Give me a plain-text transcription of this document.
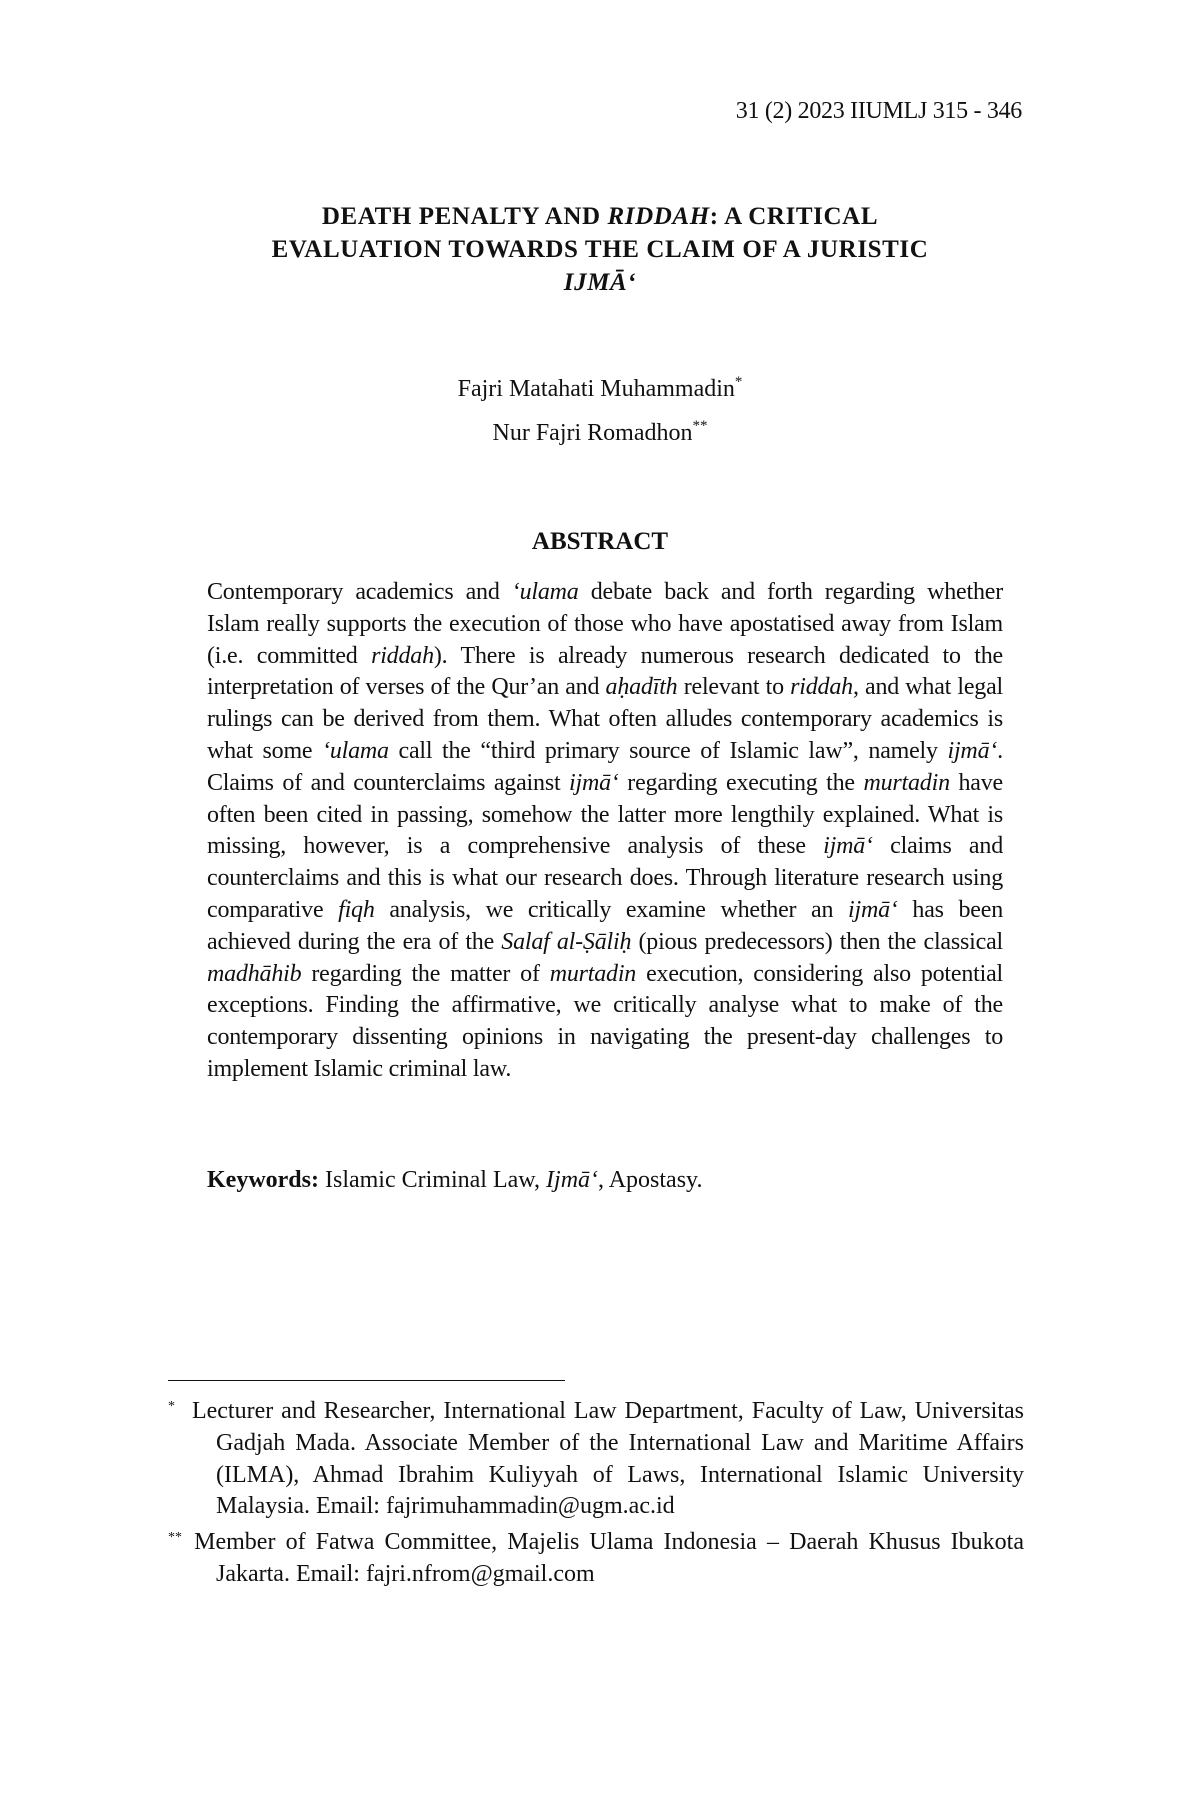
31 (2) 2023 IIUMLJ 315 - 346
DEATH PENALTY AND RIDDAH: A CRITICAL
EVALUATION TOWARDS THE CLAIM OF A JURISTIC
IJMĀ‘
Fajri Matahati Muhammadin*
Nur Fajri Romadhon**
ABSTRACT

Contemporary academics and ‘ulama debate back and forth regarding whether Islam really supports the execution of those who have apostatised away from Islam (i.e. committed riddah). There is already numerous research dedicated to the interpretation of verses of the Qur’an and aḥadīth relevant to riddah, and what legal rulings can be derived from them. What often alludes contemporary academics is what some ‘ulama call the “third primary source of Islamic law”, namely ijmā‘. Claims of and counterclaims against ijmā‘ regarding executing the murtadin have often been cited in passing, somehow the latter more lengthily explained. What is missing, however, is a comprehensive analysis of these ijmā‘ claims and counterclaims and this is what our research does. Through literature research using comparative fiqh analysis, we critically examine whether an ijmā‘ has been achieved during the era of the Salaf al-Ṣāliḥ (pious predecessors) then the classical madhāhib regarding the matter of murtadin execution, considering also potential exceptions. Finding the affirmative, we critically analyse what to make of the contemporary dissenting opinions in navigating the present-day challenges to implement Islamic criminal law.

Keywords: Islamic Criminal Law, Ijmā‘, Apostasy.
* Lecturer and Researcher, International Law Department, Faculty of Law, Universitas Gadjah Mada. Associate Member of the International Law and Maritime Affairs (ILMA), Ahmad Ibrahim Kuliyyah of Laws, International Islamic University Malaysia. Email: fajrimuhammadin@ugm.ac.id
** Member of Fatwa Committee, Majelis Ulama Indonesia – Daerah Khusus Ibukota Jakarta. Email: fajri.nfrom@gmail.com
